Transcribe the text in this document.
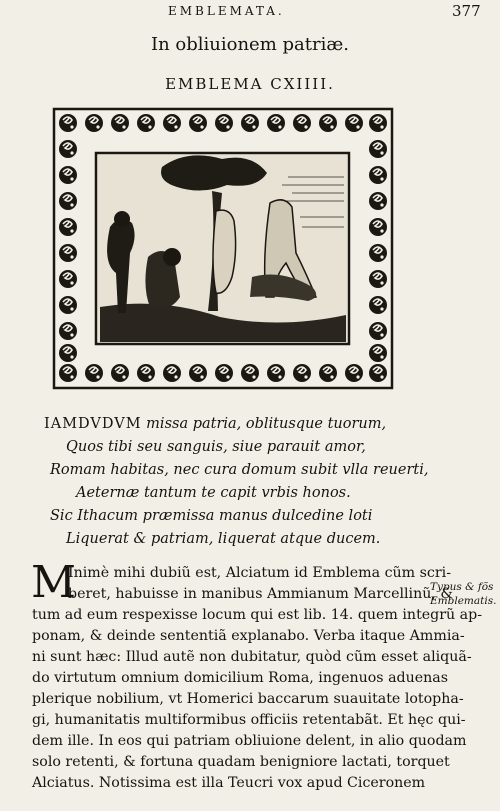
EMBLEMATA.	377
In obliuionem patriæ.
EMBLEMA CXIIII.
IAMDVDVM missa patria, oblitusque tuorum,
Quos tibi seu sanguis, siue parauit amor,
Romam habitas, nec cura domum subit vlla reuerti,
Aeternæ tantum te capit vrbis honos.
Sic Ithacum præmissa manus dulcedine loti
Liquerat & patriam, liquerat atque ducem.
M
Inimè mihi dubiũ est, Alciatum id Emblema cũm scri-
beret, habuisse in manibus Ammianum Marcellinũ, &
tum ad eum respexisse locum qui est lib. 14. quem integrũ ap-
ponam, & deinde sententiã explanabo. Verba itaque Ammia-
ni sunt hæc: Illud autẽ non dubitatur, quòd cũm esset aliquã-
do virtutum omnium domicilium Roma, ingenuos aduenas
plerique nobilium, vt Homerici baccarum suauitate lotopha-
gi, humanitatis multiformibus officiis retentabãt. Et hęc qui-
dem ille. In eos qui patriam obliuione delent, in alio quodam
solo retenti, & fortuna quadam benigniore lactati, torquet
Alciatus. Notissima est illa Teucri vox apud Ciceronem
Typus & fõs
Emblematis.
